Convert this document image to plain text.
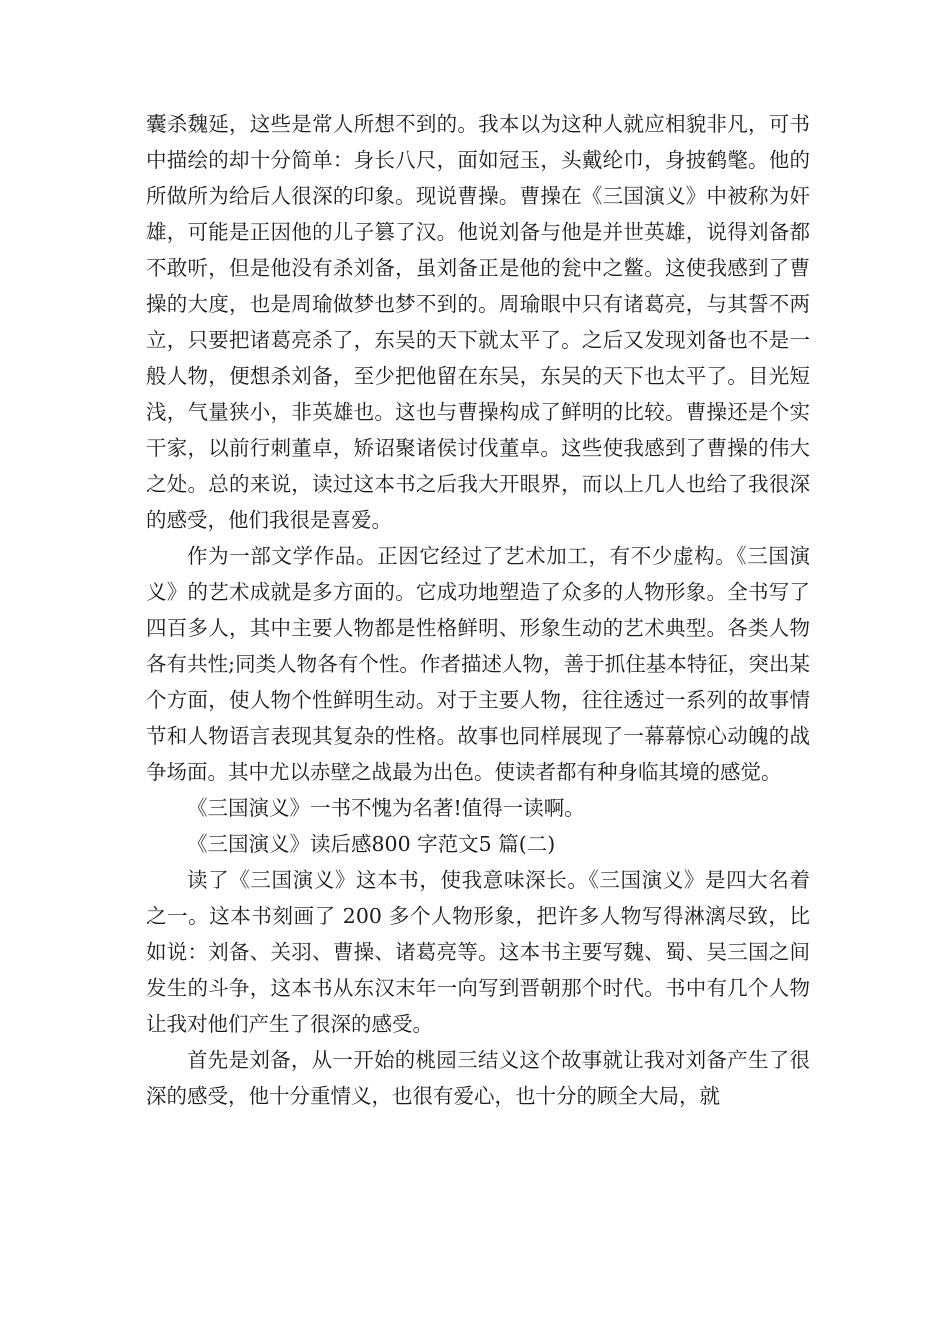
囊杀魏延，这些是常人所想不到的。我本以为这种人就应相貌非凡，可书中描绘的却十分简单：身长八尺，面如冠玉，头戴纶巾，身披鹤氅。他的所做所为给后人很深的印象。现说曹操。曹操在《三国演义》中被称为奸雄，可能是正因他的儿子篡了汉。他说刘备与他是并世英雄，说得刘备都不敢听，但是他没有杀刘备，虽刘备正是他的瓮中之鳖。这使我感到了曹操的大度，也是周瑜做梦也梦不到的。周瑜眼中只有诸葛亮，与其誓不两立，只要把诸葛亮杀了，东吴的天下就太平了。之后又发现刘备也不是一般人物，便想杀刘备，至少把他留在东吴，东吴的天下也太平了。目光短浅，气量狭小，非英雄也。这也与曹操构成了鲜明的比较。曹操还是个实干家，以前行刺董卓，矫诏聚诸侯讨伐董卓。这些使我感到了曹操的伟大之处。总的来说，读过这本书之后我大开眼界，而以上几人也给了我很深的感受，他们我很是喜爱。

作为一部文学作品。正因它经过了艺术加工，有不少虚构。《三国演义》的艺术成就是多方面的。它成功地塑造了众多的人物形象。全书写了四百多人，其中主要人物都是性格鲜明、形象生动的艺术典型。各类人物各有共性;同类人物各有个性。作者描述人物，善于抓住基本特征，突出某个方面，使人物个性鲜明生动。对于主要人物，往往透过一系列的故事情节和人物语言表现其复杂的性格。故事也同样展现了一幕幕惊心动魄的战争场面。其中尤以赤壁之战最为出色。使读者都有种身临其境的感觉。

《三国演义》一书不愧为名著!值得一读啊。

《三国演义》读后感800 字范文5 篇(二)

读了《三国演义》这本书，使我意味深长。《三国演义》是四大名着之一。这本书刻画了 200 多个人物形象，把许多人物写得淋漓尽致，比如说：刘备、关羽、曹操、诸葛亮等。这本书主要写魏、蜀、吴三国之间发生的斗争，这本书从东汉末年一向写到晋朝那个时代。书中有几个人物让我对他们产生了很深的感受。

首先是刘备，从一开始的桃园三结义这个故事就让我对刘备产生了很深的感受，他十分重情义，也很有爱心，也十分的顾全大局，就
